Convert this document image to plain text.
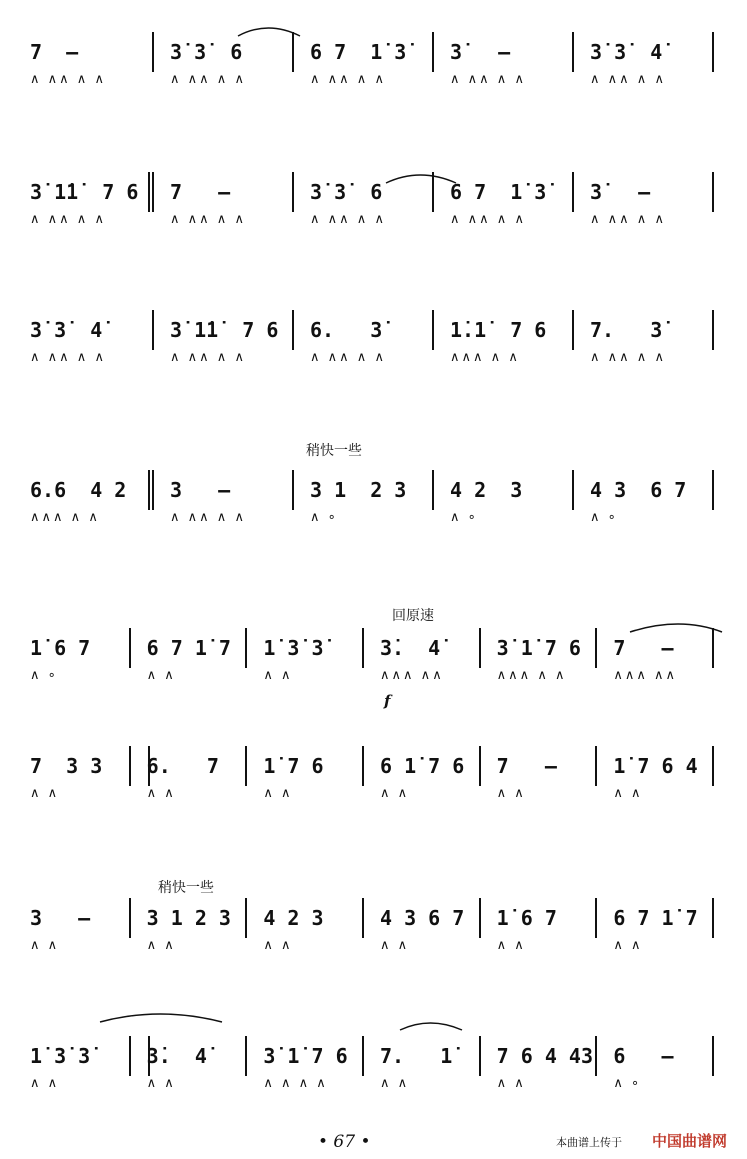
7  –
∧ ∧∧ ∧ ∧
3̇ 3̇  6
∧ ∧∧ ∧ ∧
6 7  1̇ 3̇
∧ ∧∧ ∧ ∧
3̇   –
∧ ∧∧ ∧ ∧
3̇ 3̇  4̇
∧ ∧∧ ∧ ∧
3̇ 1̇1̇  7 6
∧ ∧∧ ∧ ∧
7   –
∧ ∧∧ ∧ ∧
3̇ 3̇  6
∧ ∧∧ ∧ ∧
6 7  1̇ 3̇
∧ ∧∧ ∧ ∧
3̇   –
∧ ∧∧ ∧ ∧
3̇ 3̇  4̇
∧ ∧∧ ∧ ∧
3̇ 1̇1̇  7 6
∧ ∧∧ ∧ ∧
6.   3̇
∧ ∧∧ ∧ ∧
1̇.1̇  7 6
∧∧∧ ∧ ∧
7.   3̇
∧ ∧∧ ∧ ∧
6.6  4 2
∧∧∧ ∧ ∧
3   –
∧ ∧∧ ∧ ∧
3 1  2 3
∧ ∘
4 2  3
∧ ∘
4 3  6 7
∧ ∘
1̇ 6 7
∧ ∘
6 7 1̇ 7
∧ ∧
1̇ 3̇ 3̇
∧ ∧
3̇.  4̇
∧∧∧ ∧∧
3̇ 1̇ 7 6
∧∧∧ ∧ ∧
7   –
∧∧∧ ∧∧
7  3 3
∧ ∧
6.   7
∧ ∧
1̇ 7 6
∧ ∧
6 1̇ 7 6
∧ ∧
7   –
∧ ∧
1̇ 7 6 4
∧ ∧
3   –
∧ ∧
3 1 2 3
∧ ∧
4 2 3
∧ ∧
4 3 6 7
∧ ∧
1̇ 6 7
∧ ∧
6 7 1̇ 7
∧ ∧
1̇ 3̇ 3̇
∧ ∧
3̇.  4̇
∧ ∧
3̇ 1̇ 7 6
∧ ∧ ∧ ∧
7.   1̇
∧ ∧
7 6 4 43
∧ ∧
6   –
∧ ∘
稍快一些
回原速
稍快一些
f
• 67 •	本曲谱上传于 中国曲谱网
